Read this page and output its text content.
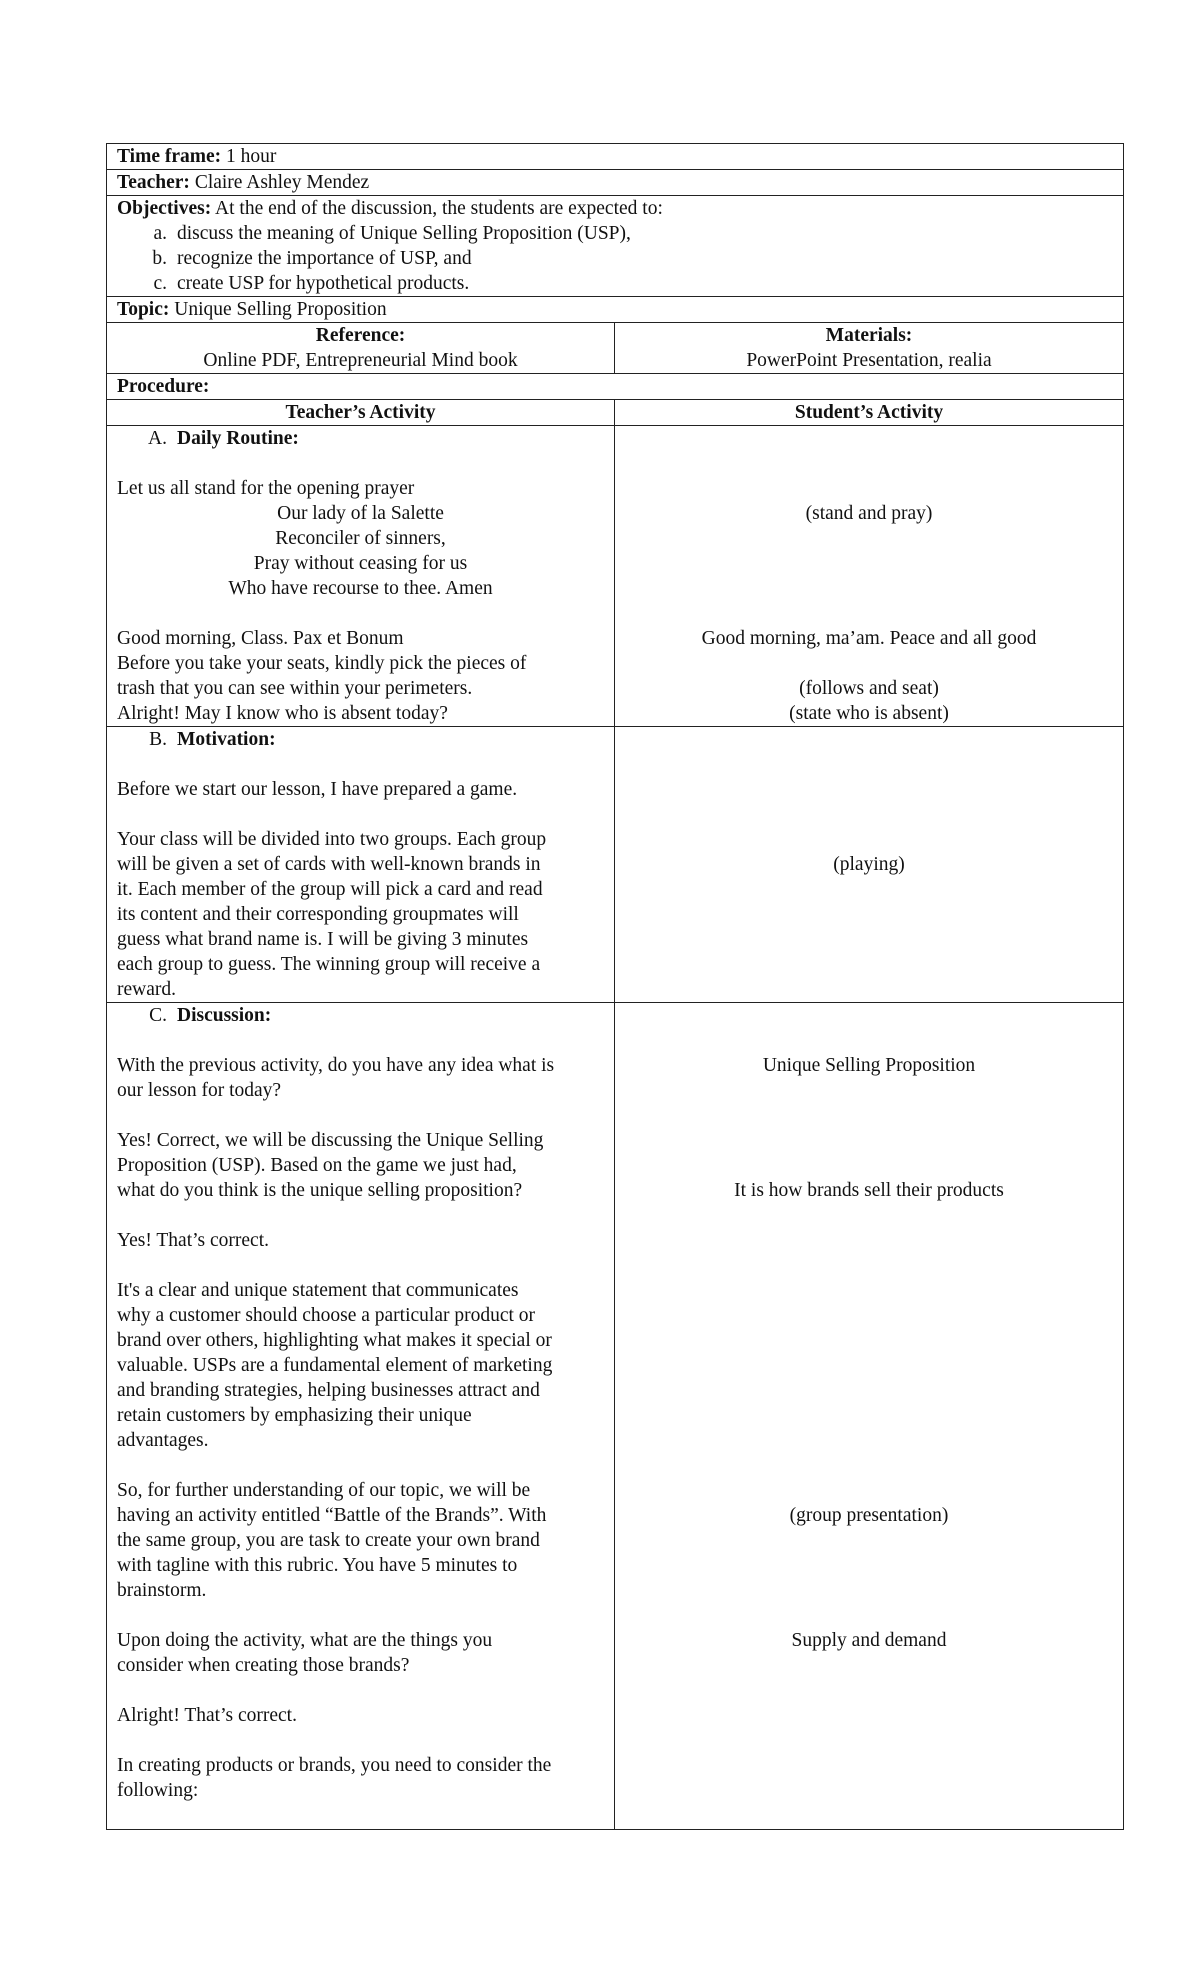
Time frame: 1 hour
Teacher: Claire Ashley Mendez
Objectives: At the end of the discussion, the students are expected to:
a. discuss the meaning of Unique Selling Proposition (USP),
b. recognize the importance of USP, and
c. create USP for hypothetical products.
Topic: Unique Selling Proposition
Reference:
Online PDF, Entrepreneurial Mind book
Materials:
PowerPoint Presentation, realia
Procedure:
Teacher’s Activity	Student’s Activity
A. Daily Routine:
Let us all stand for the opening prayer
Our lady of la Salette
Reconciler of sinners,
Pray without ceasing for us
Who have recourse to thee. Amen
Good morning, Class. Pax et Bonum
Before you take your seats, kindly pick the pieces of
trash that you can see within your perimeters.
Alright! May I know who is absent today?
(stand and pray)
Good morning, ma’am. Peace and all good
(follows and seat)
(state who is absent)
B. Motivation:
Before we start our lesson, I have prepared a game.
Your class will be divided into two groups. Each group
will be given a set of cards with well-known brands in
it. Each member of the group will pick a card and read
its content and their corresponding groupmates will
guess what brand name is. I will be giving 3 minutes
each group to guess. The winning group will receive a
reward.
(playing)
C. Discussion:
With the previous activity, do you have any idea what is
our lesson for today?
Yes! Correct, we will be discussing the Unique Selling
Proposition (USP). Based on the game we just had,
what do you think is the unique selling proposition?
Yes! That’s correct.
It's a clear and unique statement that communicates
why a customer should choose a particular product or
brand over others, highlighting what makes it special or
valuable. USPs are a fundamental element of marketing
and branding strategies, helping businesses attract and
retain customers by emphasizing their unique
advantages.
So, for further understanding of our topic, we will be
having an activity entitled “Battle of the Brands”. With
the same group, you are task to create your own brand
with tagline with this rubric. You have 5 minutes to
brainstorm.
Upon doing the activity, what are the things you
consider when creating those brands?
Alright! That’s correct.
In creating products or brands, you need to consider the
following:
Unique Selling Proposition
It is how brands sell their products
(group presentation)
Supply and demand
